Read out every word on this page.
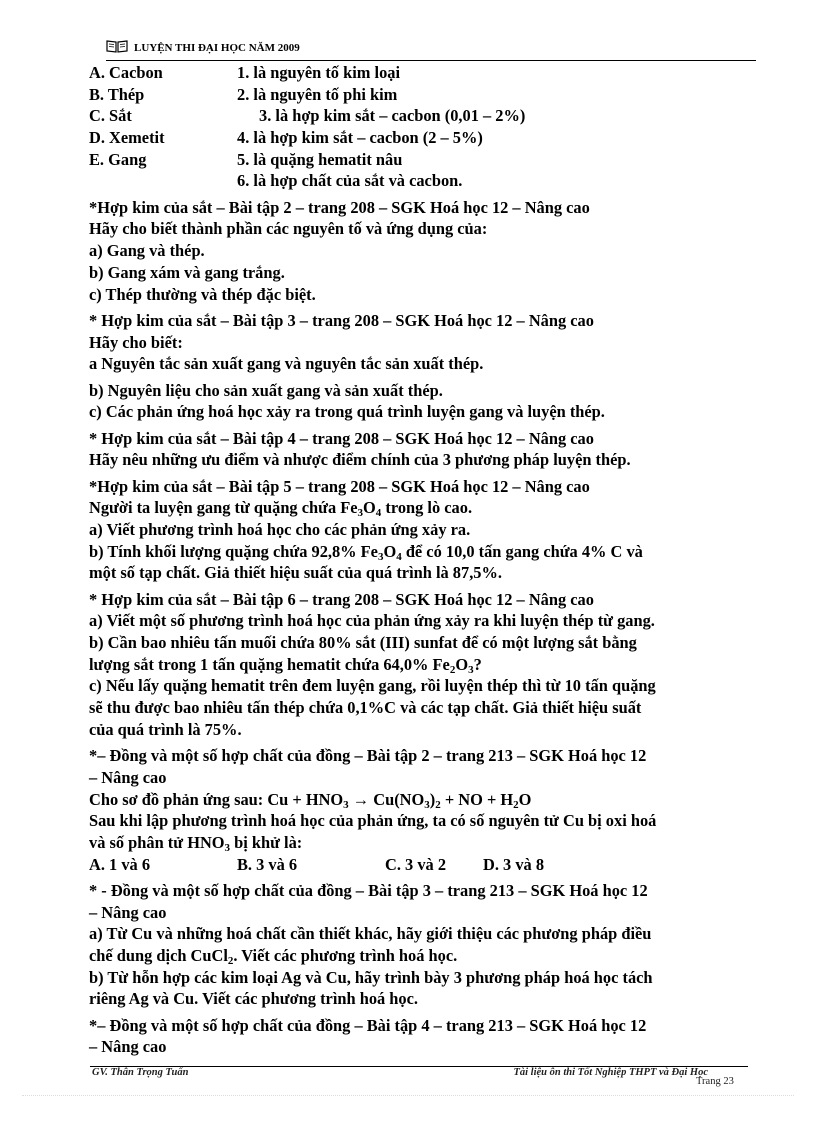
LUYỆN THI ĐẠI HỌC NĂM 2009
A. Cacbon	1. là nguyên tố kim loại
B. Thép	2. là nguyên tố phi kim
C. Sắt	3. là hợp kim sắt – cacbon (0,01 – 2%)
D. Xemetit	4. là hợp kim sắt – cacbon (2 – 5%)
E. Gang	5. là quặng hematit nâu
6. là hợp chất của sắt và cacbon.

*Hợp kim của sắt – Bài tập 2 – trang 208 – SGK Hoá học 12 – Nâng cao

Hãy cho biết thành phần các nguyên tố và ứng dụng của:

a) Gang và thép.

b) Gang xám và gang trắng.

c) Thép thường và thép đặc biệt.

* Hợp kim của sắt – Bài tập 3 – trang 208 – SGK Hoá học 12 – Nâng cao

Hãy cho biết:

a Nguyên tắc sản xuất gang và nguyên tắc sản xuất thép.

b) Nguyên liệu cho sản xuất gang và sản xuất thép.

c) Các phản ứng hoá học xảy ra trong quá trình luyện gang và luyện thép.

* Hợp kim của sắt – Bài tập 4 – trang 208 – SGK Hoá học 12 – Nâng cao

Hãy nêu những ưu điểm và nhược điểm chính của 3 phương pháp luyện thép.

*Hợp kim của sắt – Bài tập 5 – trang 208 – SGK Hoá học 12 – Nâng cao

Người ta luyện gang từ quặng chứa $Fe_3O_4$ trong lò cao.

a) Viết phương trình hoá học cho các phản ứng xảy ra.

b) Tính khối lượng quặng chứa 92,8% $Fe_3O_4$ để có 10,0 tấn gang chứa 4% C và

một số tạp chất. Giả thiết hiệu suất của quá trình là 87,5%.

* Hợp kim của sắt – Bài tập 6 – trang 208 – SGK Hoá học 12 – Nâng cao

a) Viết một số phương trình hoá học của phản ứng xảy ra khi luyện thép từ gang.

b) Cần bao nhiêu tấn muối chứa 80% sắt (III) sunfat để có một lượng sắt bằng

lượng sắt trong 1 tấn quặng hematit chứa 64,0% $Fe_2O_3$?

c) Nếu lấy quặng hematit trên đem luyện gang, rồi luyện thép thì từ 10 tấn quặng

sẽ thu được bao nhiêu tấn thép chứa 0,1%C và các tạp chất. Giả thiết hiệu suất

của quá trình là 75%.

*– Đồng và một số hợp chất của đồng – Bài tập 2 – trang 213 – SGK Hoá học 12

– Nâng cao

Cho sơ đồ phản ứng sau: $Cu + HNO_3 \to Cu(NO_3)_2$ + NO + $H_2O$

Sau khi lập phương trình hoá học của phản ứng, ta có số nguyên tử Cu bị oxi hoá

và số phân tử $HNO_3$ bị khử là:

A. 1 và 6	B. 3 và 6	C. 3 và 2 D. 3 và 8

* - Đồng và một số hợp chất của đồng – Bài tập 3 – trang 213 – SGK Hoá học 12

– Nâng cao

a) Từ Cu và những hoá chất cần thiết khác, hãy giới thiệu các phương pháp điều

chế dung dịch CuCl$_2$. Viết các phương trình hoá học.

b) Từ hỗn hợp các kim loại Ag và Cu, hãy trình bày 3 phương pháp hoá học tách

riêng Ag và Cu. Viết các phương trình hoá học.

*– Đồng và một số hợp chất của đồng – Bài tập 4 – trang 213 – SGK Hoá học 12

– Nâng cao

GV. Thân Trọng Tuấn	Tài liệu ôn thi Tốt Nghiệp THPT và Đại Học
Trang 23
